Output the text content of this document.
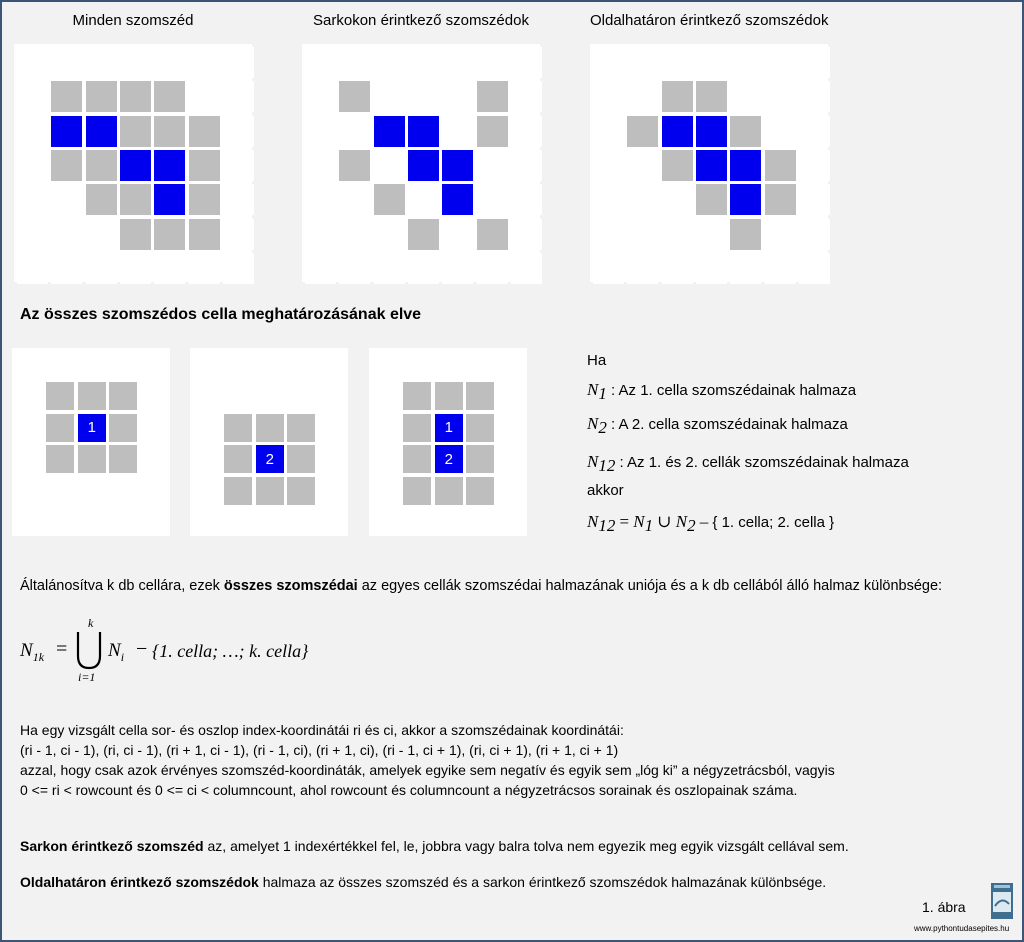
Minden szomszéd	Sarkokon érintkező szomszédok	Oldalhatáron érintkező szomszédok
Az összes szomszédos cella meghatározásának elve
1
2
1
2
Ha
$N_1$ : Az 1. cella szomszédainak halmaza
$N_2$ : A 2. cella szomszédainak halmaza
$N_{12}$ : Az 1. és 2. cellák szomszédainak halmaza
akkor
$N_{12} = N_1$ ∪ $N_2$ – { 1. cella; 2. cella }
Általánosítva k db cellára, ezek összes szomszédai az egyes cellák szomszédai halmazának uniója és a k db cellából álló halmaz különbsége:
$N_{1k}$ =
k
i=1
$N_i - \{1$. cella; …; k. cella}
Ha egy vizsgált cella sor- és oszlop index-koordinátái ri és ci, akkor a szomszédainak koordinátái:
(ri - 1, ci - 1), (ri, ci - 1), (ri + 1, ci - 1), (ri - 1, ci), (ri + 1, ci), (ri - 1, ci + 1), (ri, ci + 1), (ri + 1, ci + 1)
azzal, hogy csak azok érvényes szomszéd-koordináták, amelyek egyike sem negatív és egyik sem „lóg ki” a négyzetrácsból, vagyis
0 <= ri < rowcount és 0 <= ci < columncount, ahol rowcount és columncount a négyzetrácsos sorainak és oszlopainak száma.
Sarkon érintkező szomszéd az, amelyet 1 indexértékkel fel, le, jobbra vagy balra tolva nem egyezik meg egyik vizsgált cellával sem.
Oldalhatáron érintkező szomszédok halmaza az összes szomszéd és a sarkon érintkező szomszédok halmazának különbsége.
1. ábra
www.pythontudasepites.hu
